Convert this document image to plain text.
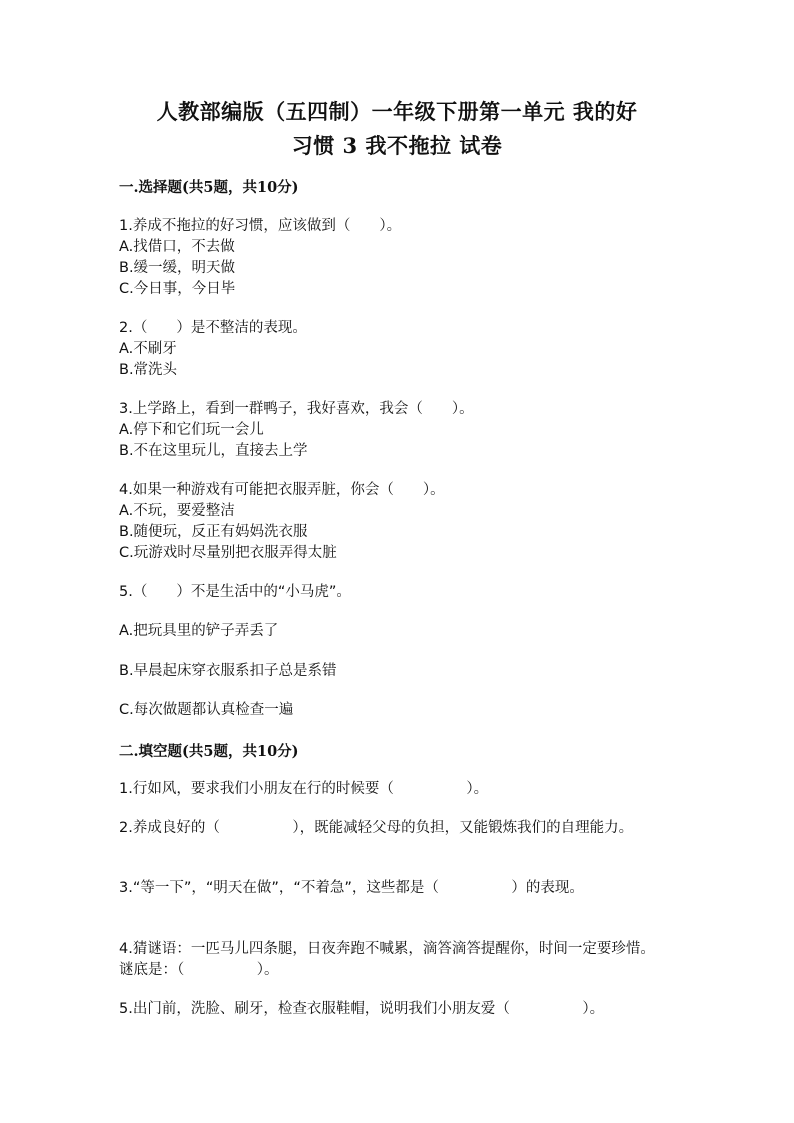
人教部编版（五四制）一年级下册第一单元 我的好
习惯 3 我不拖拉 试卷
一.选择题(共5题，共10分)
1.养成不拖拉的好习惯，应该做到（　　）。
A.找借口，不去做
B.缓一缓，明天做
C.今日事，今日毕
2.（　　）是不整洁的表现。
A.不刷牙
B.常洗头
3.上学路上，看到一群鸭子，我好喜欢，我会（　　）。
A.停下和它们玩一会儿
B.不在这里玩儿，直接去上学
4.如果一种游戏有可能把衣服弄脏，你会（　　）。
A.不玩，要爱整洁
B.随便玩，反正有妈妈洗衣服
C.玩游戏时尽量别把衣服弄得太脏
5.（　　）不是生活中的“小马虎”。
A.把玩具里的铲子弄丢了
B.早晨起床穿衣服系扣子总是系错
C.每次做题都认真检查一遍
二.填空题(共5题，共10分)
1.行如风，要求我们小朋友在行的时候要（　　　　　）。
2.养成良好的（　　　　　），既能减轻父母的负担，又能锻炼我们的自理能力。
3.“等一下”，“明天在做”，“不着急”，这些都是（　　　　　）的表现。
4.猜谜语：一匹马儿四条腿，日夜奔跑不喊累，滴答滴答提醒你，时间一定要珍惜。谜底是：（　　　　　）。
5.出门前，洗脸、刷牙，检查衣服鞋帽，说明我们小朋友爱（　　　　　）。
